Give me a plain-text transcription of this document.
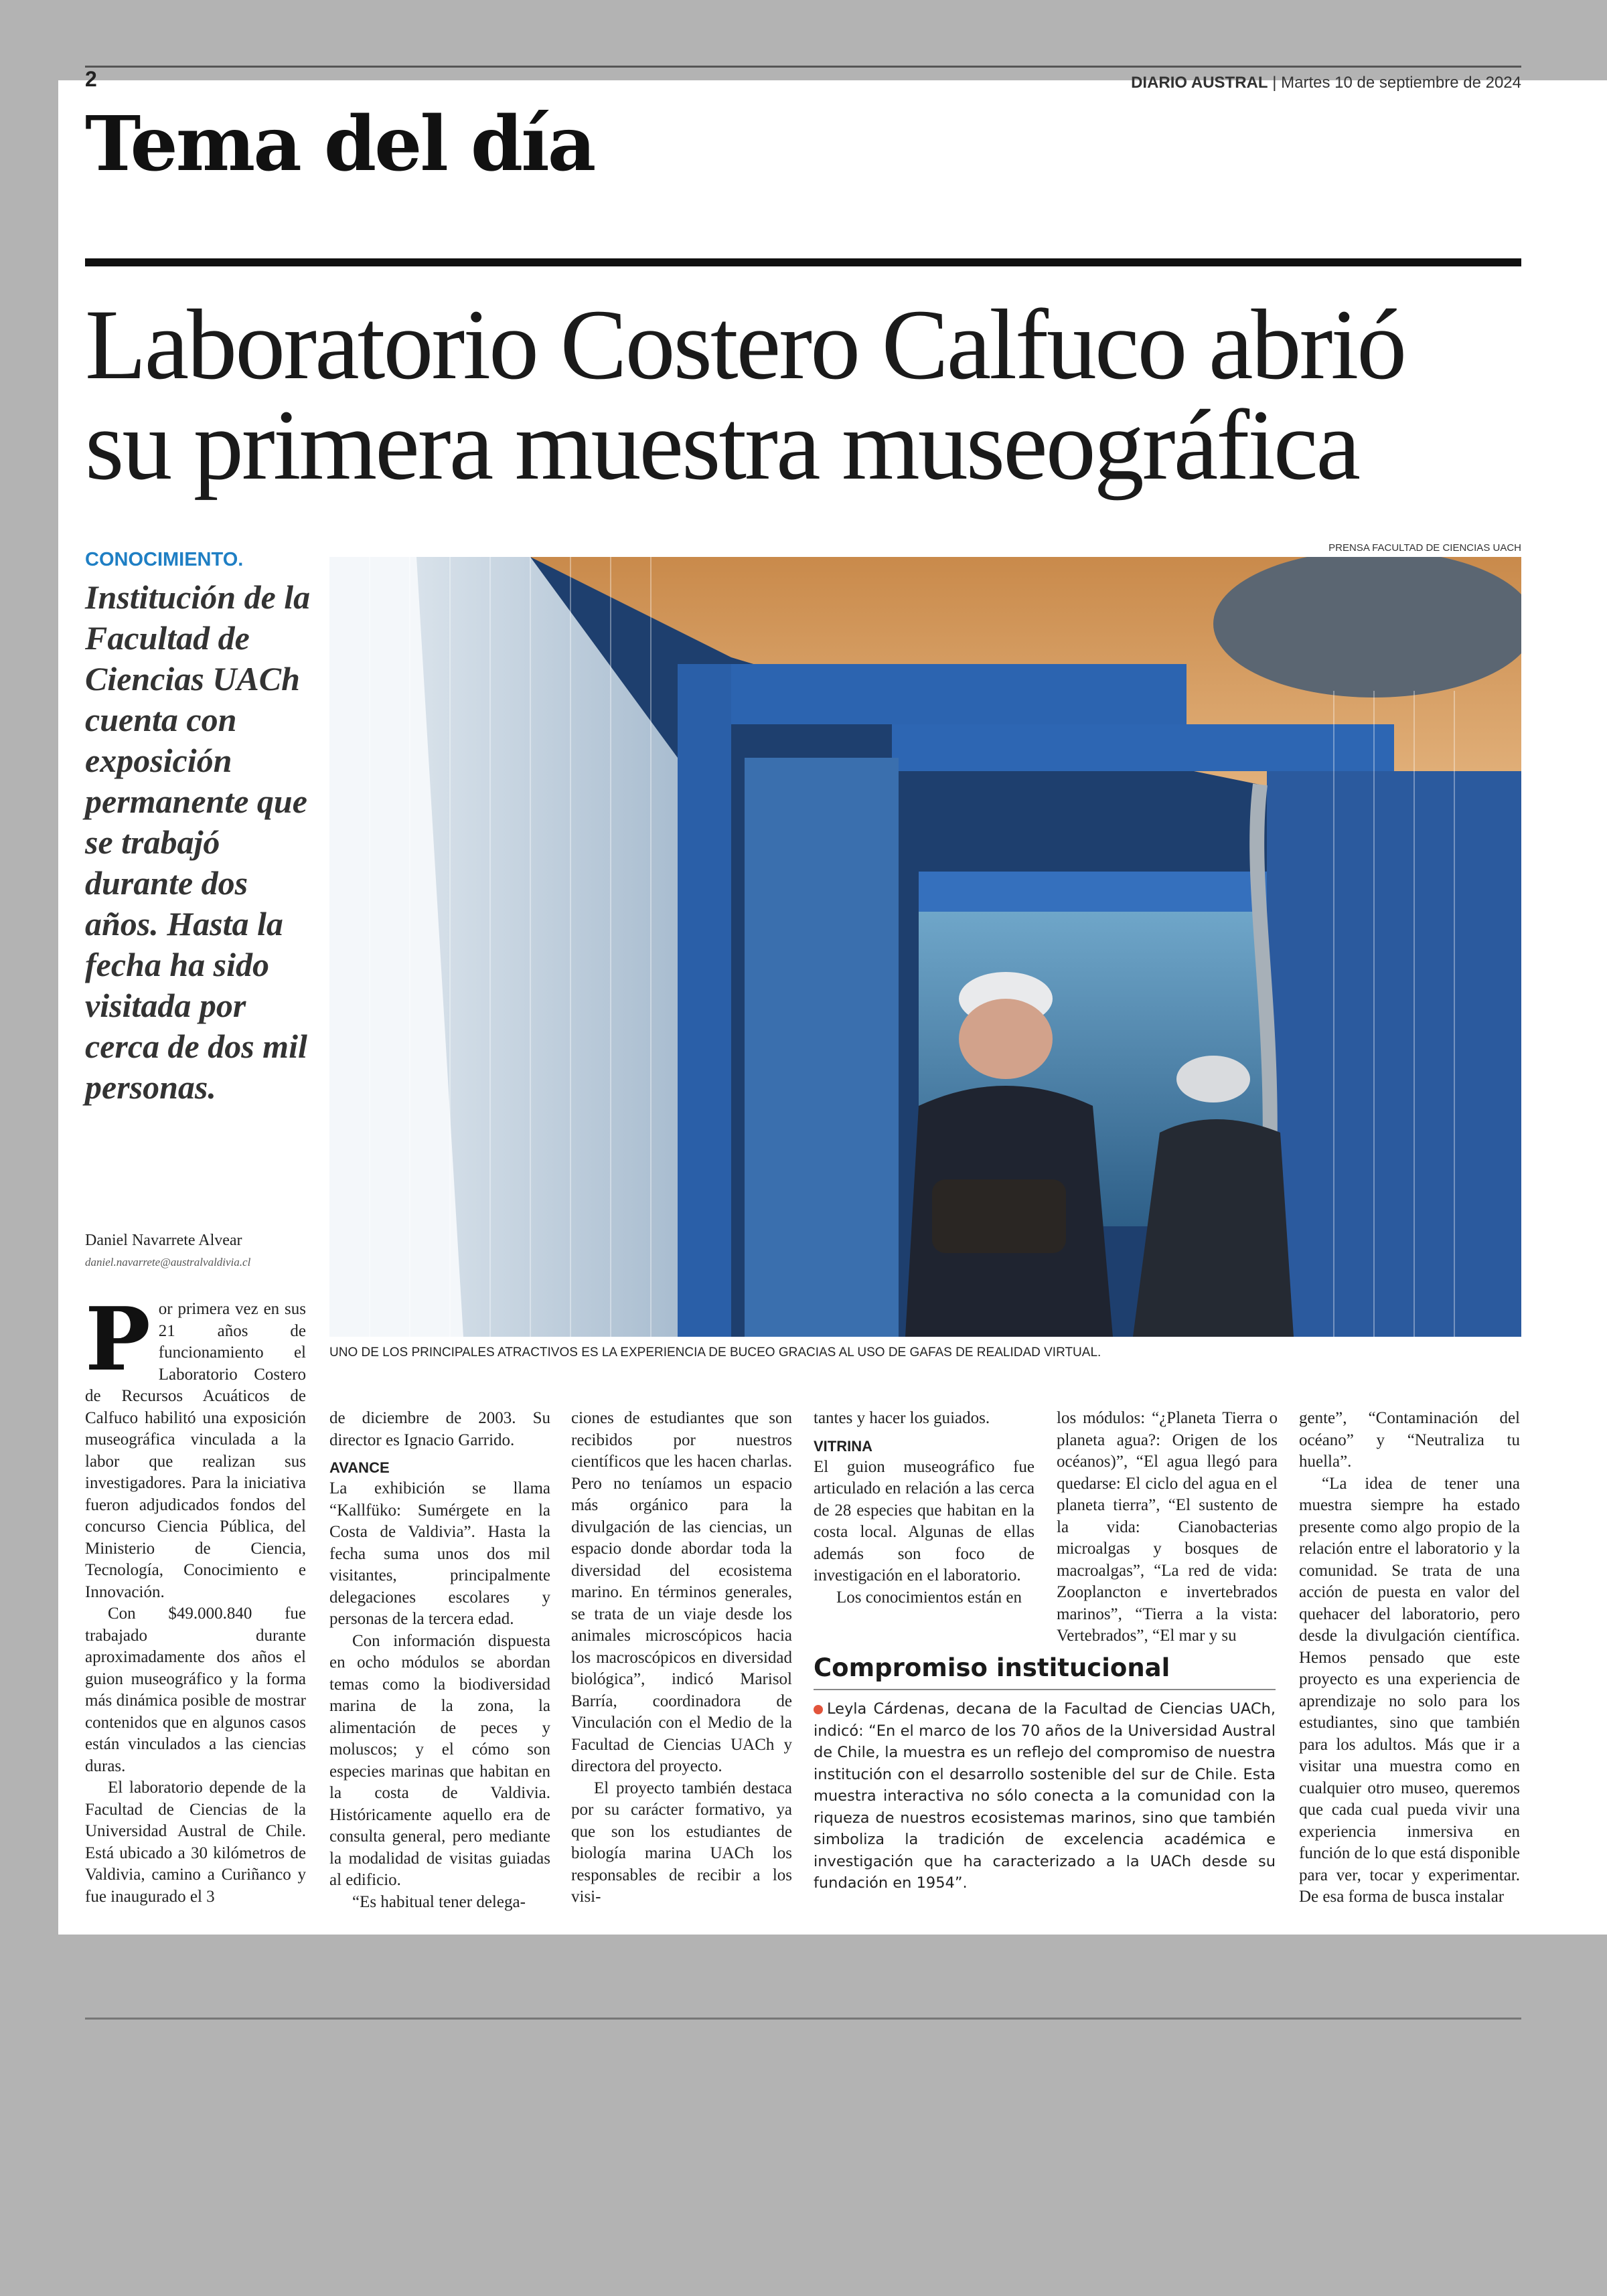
2	DIARIO AUSTRAL | Martes 10 de septiembre de 2024
Tema del día
Laboratorio Costero Calfuco abrió
su primera muestra museográfica
CONOCIMIENTO.
Institución de la Facultad de Ciencias UACh cuenta con exposición permanente que se trabajó durante dos años. Hasta la fecha ha sido visitada por cerca de dos mil personas.
Daniel Navarrete Alvear
daniel.navarrete@australvaldivia.cl
PRENSA FACULTAD DE CIENCIAS UACH
UNO DE LOS PRINCIPALES ATRACTIVOS ES LA EXPERIENCIA DE BUCEO GRACIAS AL USO DE GAFAS DE REALIDAD VIRTUAL.
P or primera vez en sus 21 años de funcionamiento el Laboratorio Costero de Recursos Acuáticos de Calfuco habilitó una exposición museográfica vinculada a la labor que realizan sus investigadores. Para la iniciativa fueron adjudicados fondos del concurso Ciencia Pública, del Ministerio de Ciencia, Tecnología, Conocimiento e Innovación.

Con $49.000.840 fue trabajado durante aproximadamente dos años el guion museográfico y la forma más dinámica posible de mostrar contenidos que en algunos casos están vinculados a las ciencias duras.

El laboratorio depende de la Facultad de Ciencias de la Universidad Austral de Chile. Está ubicado a 30 kilómetros de Valdivia, camino a Curiñanco y fue inaugurado el 3

de diciembre de 2003. Su director es Ignacio Garrido.

AVANCE

La exhibición se llama “Kallfüko: Sumérgete en la Costa de Valdivia”. Hasta la fecha suma unos dos mil visitantes, principalmente delegaciones escolares y personas de la tercera edad.

Con información dispuesta en ocho módulos se abordan temas como la biodiversidad marina de la zona, la alimentación de peces y moluscos; y el cómo son especies marinas que habitan en la costa de Valdivia. Históricamente aquello era de consulta general, pero mediante la modalidad de visitas guiadas al edificio.

“Es habitual tener delega-

ciones de estudiantes que son recibidos por nuestros científicos que les hacen charlas. Pero no teníamos un espacio más orgánico para la divulgación de las ciencias, un espacio donde abordar toda la diversidad del ecosistema marino. En términos generales, se trata de un viaje desde los animales microscópicos hacia los macroscópicos en diversidad biológica”, indicó Marisol Barría, coordinadora de Vinculación con el Medio de la Facultad de Ciencias UACh y directora del proyecto.

El proyecto también destaca por su carácter formativo, ya que son los estudiantes de biología marina UACh los responsables de recibir a los visi-

tantes y hacer los guiados.

VITRINA

El guion museográfico fue articulado en relación a las cerca de 28 especies que habitan en la costa local. Algunas de ellas además son foco de investigación en el laboratorio.

Los conocimientos están en

los módulos: “¿Planeta Tierra o planeta agua?: Origen de los océanos)”, “El agua llegó para quedarse: El ciclo del agua en el planeta tierra”, “El sustento de la vida: Cianobacterias microalgas y bosques de macroalgas”, “La red de vida: Zooplancton e invertebrados marinos”, “Tierra a la vista: Vertebrados”, “El mar y su

gente”, “Contaminación del océano” y “Neutraliza tu huella”.

“La idea de tener una muestra siempre ha estado presente como algo propio de la relación entre el laboratorio y la comunidad. Se trata de una acción de puesta en valor del quehacer del laboratorio, pero desde la divulgación científica. Hemos pensado que este proyecto es una experiencia de aprendizaje no solo para los estudiantes, sino que también para los adultos. Más que ir a visitar una muestra como en cualquier otro museo, queremos que cada cual pueda vivir una experiencia inmersiva en función de lo que está disponible para ver, tocar y experimentar. De esa forma de busca instalar

Compromiso institucional
Leyla Cárdenas, decana de la Facultad de Ciencias UACh, indicó: “En el marco de los 70 años de la Universidad Austral de Chile, la muestra es un reflejo del compromiso de nuestra institución con el desarrollo sostenible del sur de Chile. Esta muestra interactiva no sólo conecta a la comunidad con la riqueza de nuestros ecosistemas marinos, sino que también simboliza la tradición de excelencia académica e investigación que ha caracterizado a la UACh desde su fundación en 1954”.
